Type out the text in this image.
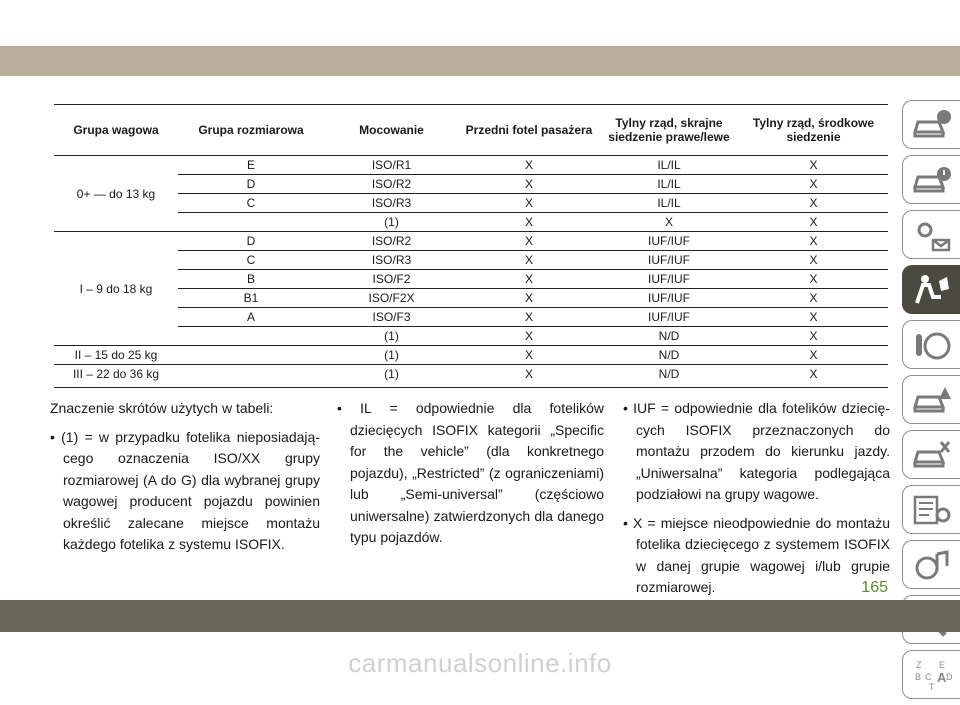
Grupa wagowa	Grupa rozmiarowa	Mocowanie	Przedni fotel pasażera	Tylny rząd, skrajne siedzenie prawe/lewe	Tylny rząd, środkowe siedzenie
0+ — do 13 kg	E	ISO/R1	X	IL/IL	X
	D	ISO/R2	X	IL/IL	X
	C	ISO/R3	X	IL/IL	X
		(1)	X	X	X
I – 9 do 18 kg	D	ISO/R2	X	IUF/IUF	X
	C	ISO/R3	X	IUF/IUF	X
	B	ISO/F2	X	IUF/IUF	X
	B1	ISO/F2X	X	IUF/IUF	X
	A	ISO/F3	X	IUF/IUF	X
		(1)	X	N/D	X
II – 15 do 25 kg		(1)	X	N/D	X
III – 22 do 36 kg		(1)	X	N/D	X

Znaczenie skrótów użytych w tabeli:

• (1) = w przypadku fotelika nieposiadającego oznaczenia ISO/XX grupy rozmiarowej (A do G) dla wybranej grupy wagowej producent pojazdu powinien określić zalecane miejsce montażu każdego fotelika z systemu ISOFIX.

• IL = odpowiednie dla fotelików dziecięcych ISOFIX kategorii „Specific for the vehicle” (dla konkretnego pojazdu), „Restricted” (z ograniczeniami) lub „Semi-universal” (częściowo uniwersalne) zatwierdzonych dla danego typu pojazdów.

• IUF = odpowiednie dla fotelików dziecięcych ISOFIX przeznaczonych do montażu przodem do kierunku jazdy. „Uniwersalna” kategoria podlegająca podziałowi na grupy wagowe.

• X = miejsce nieodpowiednie do montażu fotelika dziecięcego z systemem ISOFIX w danej grupie wagowej i/lub grupie rozmiarowej.

Z E
B A
C D
T
165
carmanualsonline.info
